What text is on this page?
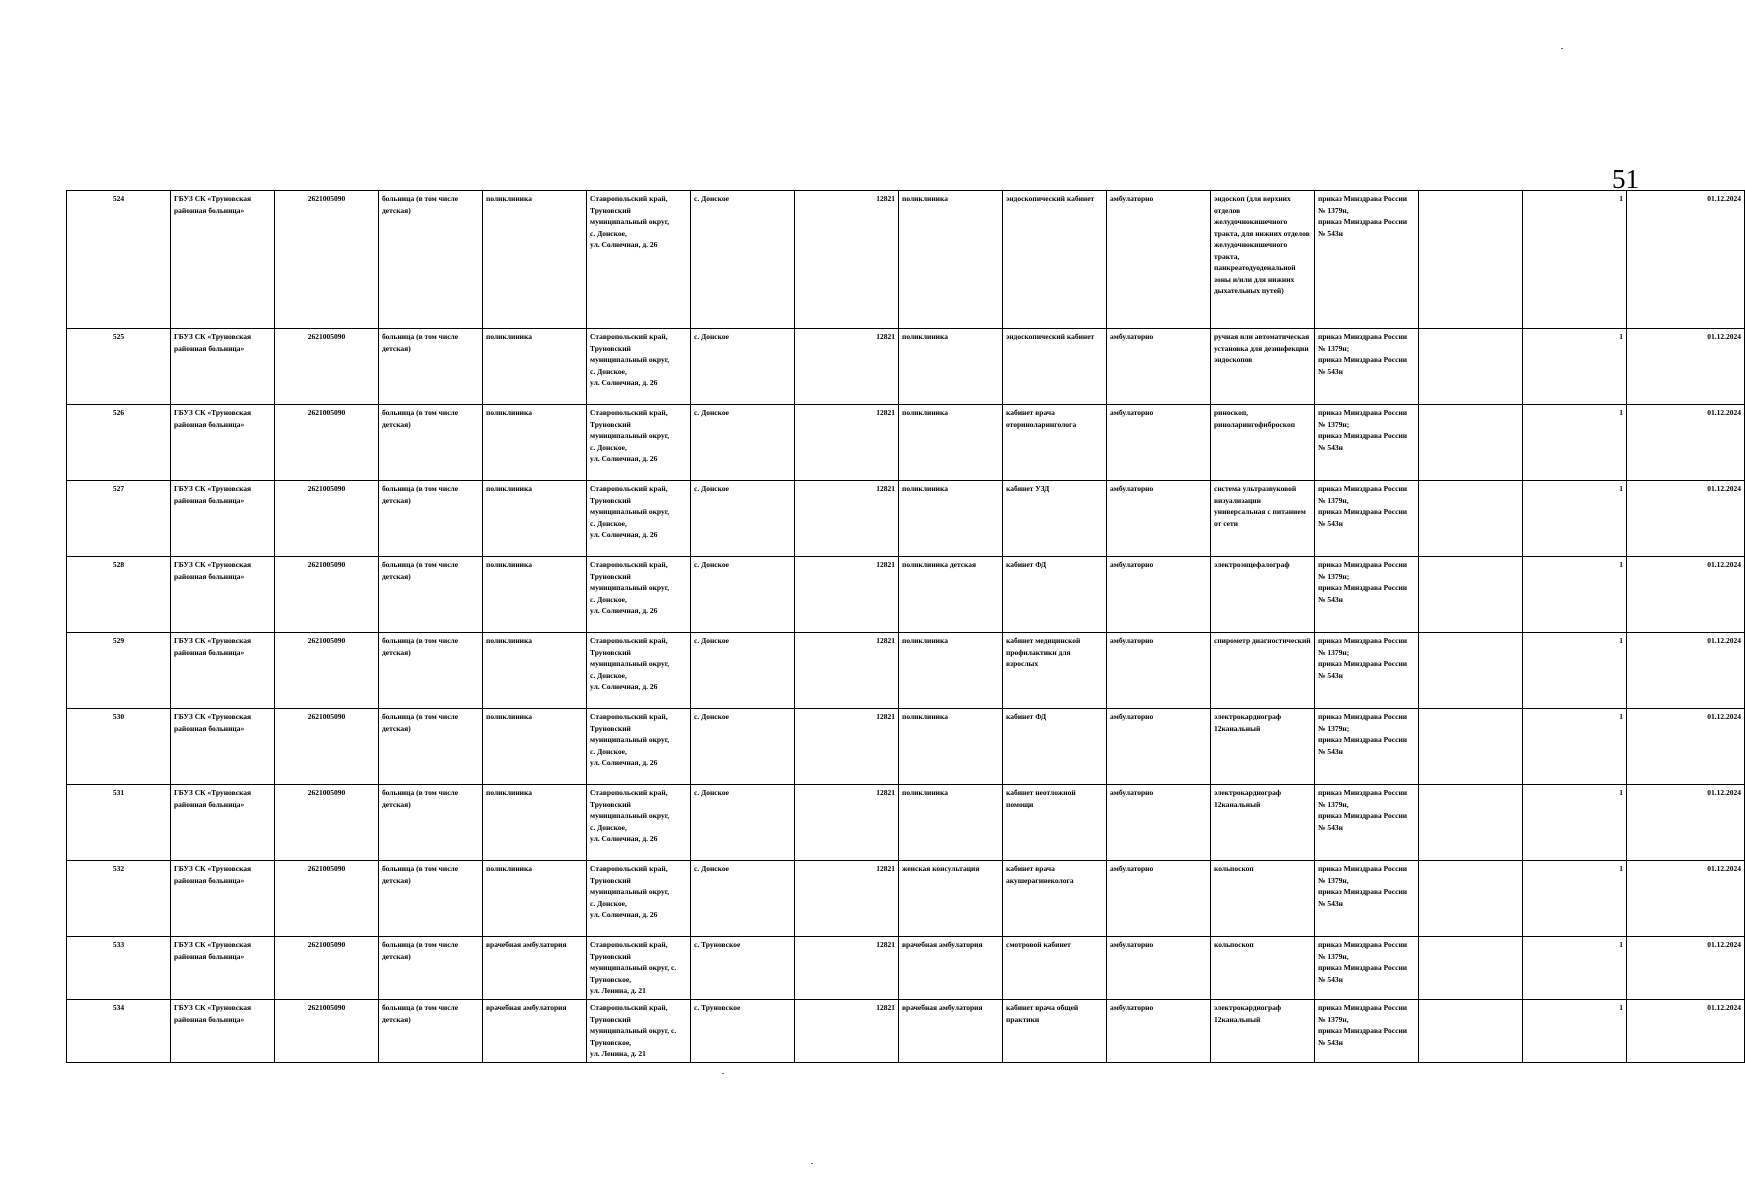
51
524	ГБУЗ СК «Труновская районная больница»	2621005090	больница (в том числе детская)	поликлиника	Ставропольский край,
Труновский
муниципальный округ,
с. Донское,
ул. Солнечная, д. 26	с. Донское	12821	поликлиника	эндоскопический кабинет	амбулаторно	эндоскоп (для верхних отделов желудочнокишечного тракта, для нижних отделов желудочнокишечного тракта, панкреатодуоденальной зоны и/или для нижних дыхательных путей)	приказ Минздрава России № 1379н,
приказ Минздрава России № 543н		1	01.12.2024
525	ГБУЗ СК «Труновская районная больница»	2621005090	больница (в том числе детская)	поликлиника	Ставропольский край,
Труновский
муниципальный округ,
с. Донское,
ул. Солнечная, д. 26	с. Донское	12821	поликлиника	эндоскопический кабинет	амбулаторно	ручная или автоматическая установка для дезинфекции эндоскопов	приказ Минздрава России № 1379н;
приказ Минздрава России № 543н		1	01.12.2024
526	ГБУЗ СК «Труновская районная больница»	2621005090	больница (в том числе детская)	поликлиника	Ставропольский край,
Труновский
муниципальный округ,
с. Донское,
ул. Солнечная, д. 26	с. Донское	12821	поликлиника	кабинет врача оториноларинголога	амбулаторно	риноскоп, риноларингофиброскоп	приказ Минздрава России № 1379н;
приказ Минздрава России № 543н		1	01.12.2024
527	ГБУЗ СК «Труновская районная больница»	2621005090	больница (в том числе детская)	поликлиника	Ставропольский край,
Труновский
муниципальный округ,
с. Донское,
ул. Солнечная, д. 26	с. Донское	12821	поликлиника	кабинет УЗД	амбулаторно	система ультразвуковой визуализации универсальная с питанием от сети	приказ Минздрава России № 1379н,
приказ Минздрава России № 543н		1	01.12.2024
528	ГБУЗ СК «Труновская районная больница»	2621005090	больница (в том числе детская)	поликлиника	Ставропольский край,
Труновский
муниципальный округ,
с. Донское,
ул. Солнечная, д. 26	с. Донское	12821	поликлиника детская	кабинет ФД	амбулаторно	электроэнцефалограф	приказ Минздрава России № 1379н;
приказ Минздрава России № 543н		1	01.12.2024
529	ГБУЗ СК «Труновская районная больница»	2621005090	больница (в том числе детская)	поликлиника	Ставропольский край,
Труновский
муниципальный округ,
с. Донское,
ул. Солнечная, д. 26	с. Донское	12821	поликлиника	кабинет медицинской профилактики для взрослых	амбулаторно	спирометр диагностический	приказ Минздрава России № 1379н;
приказ Минздрава России № 543н		1	01.12.2024
530	ГБУЗ СК «Труновская районная больница»	2621005090	больница (в том числе детская)	поликлиника	Ставропольский край,
Труновский
муниципальный округ,
с. Донское,
ул. Солнечная, д. 26	с. Донское	12821	поликлиника	кабинет ФД	амбулаторно	электрокардиограф 12канальный	приказ Минздрава России № 1379н;
приказ Минздрава России № 543н		1	01.12.2024
531	ГБУЗ СК «Труновская районная больница»	2621005090	больница (в том числе детская)	поликлиника	Ставропольский край,
Труновский
муниципальный округ,
с. Донское,
ул. Солнечная, д. 26	с. Донское	12821	поликлиника	кабинет неотложной помощи	амбулаторно	электрокардиограф 12канальный	приказ Минздрава России № 1379н,
приказ Минздрава России № 543н		1	01.12.2024
532	ГБУЗ СК «Труновская районная больница»	2621005090	больница (в том числе детская)	поликлиника	Ставропольский край,
Труновский
муниципальный округ,
с. Донское,
ул. Солнечная, д. 26	с. Донское	12821	женская консультация	кабинет врача акушерагинеколога	амбулаторно	кольпоскоп	приказ Минздрава России № 1379н,
приказ Минздрава России № 543н		1	01.12.2024
533	ГБУЗ СК «Труновская районная больница»	2621005090	больница (в том числе детская)	врачебная амбулатория	Ставропольский край,
Труновский
муниципальный округ, с.
Труновское,
ул. Ленина, д. 21	с. Труновское	12821	врачебная амбулатория	смотровой кабинет	амбулаторно	кольпоскоп	приказ Минздрава России № 1379н,
приказ Минздрава России № 543н		1	01.12.2024
534	ГБУЗ СК «Труновская районная больница»	2621005090	больница (в том числе детская)	врачебная амбулатория	Ставропольский край,
Труновский
муниципальный округ, с.
Труновское,
ул. Ленина, д. 21	с. Труновское	12821	врачебная амбулатория	кабинет врача общей практики	амбулаторно	электрокардиограф 12канальный	приказ Минздрава России № 1379н,
приказ Минздрава России № 543н		1	01.12.2024
